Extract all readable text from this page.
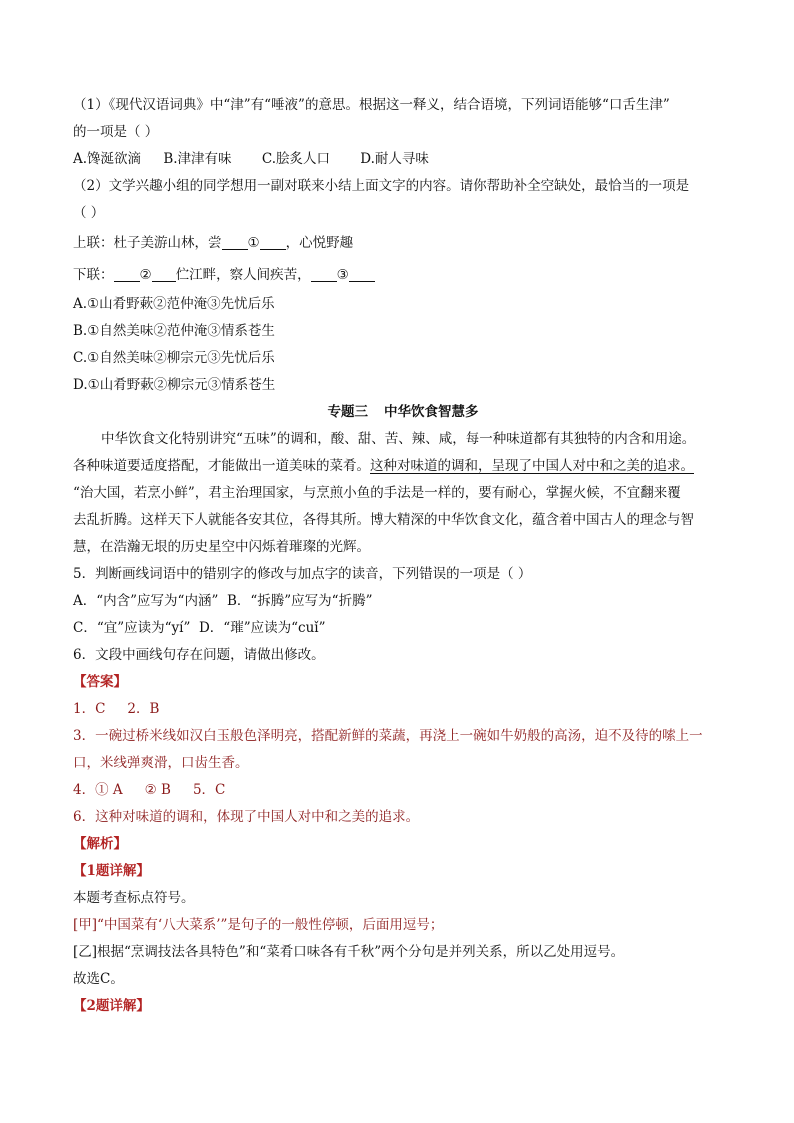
（1）《现代汉语词典》中“津”有“唾液”的意思。根据这一释义，结合语境，下列词语能够“口舌生津”

的一项是（ ）

A.馋涎欲滴 B.津津有味 C.脍炙人口 D.耐人寻味

（2）文学兴趣小组的同学想用一副对联来小结上面文字的内容。请你帮助补全空缺处，最恰当的一项是

（ ）

上联：杜子美游山林，尝 ① ，心悦野趣

下联： ② 伫江畔，察人间疾苦， ③

A.①山肴野蔌②范仲淹③先忧后乐

B.①自然美味②范仲淹③情系苍生

C.①自然美味②柳宗元③先忧后乐

D.①山肴野蔌②柳宗元③情系苍生

专题三 中华饮食智慧多

中华饮食文化特别讲究“五味”的调和，酸、甜、苦、辣、咸，每一种味道都有其独特的内含和用途。

各种味道要适度搭配，才能做出一道美味的菜肴。这种对味道的调和，呈现了中国人对中和之美的追求。

“治大国，若烹小鲜”，君主治理国家，与烹煎小鱼的手法是一样的，要有耐心，掌握火候，不宜翻来覆

去乱折腾。这样天下人就能各安其位，各得其所。博大精深的中华饮食文化，蕴含着中国古人的理念与智

慧，在浩瀚无垠的历史星空中闪烁着璀璨的光辉。

5．判断画线词语中的错别字的修改与加点字的读音，下列错误的一项是（ ）

A．“内含”应写为“内涵” B．“拆腾”应写为“折腾”

C．“宜”应读为“yí” D．“璀”应读为“cuǐ”

6．文段中画线句存在问题，请做出修改。

【答案】

1．C 2．B

3．一碗过桥米线如汉白玉般色泽明亮，搭配新鲜的菜蔬，再浇上一碗如牛奶般的高汤，迫不及待的嗦上一

口，米线弹爽滑，口齿生香。

4．① A ② B 5．C

6．这种对味道的调和，体现了中国人对中和之美的追求。

【解析】

【1题详解】

本题考查标点符号。

[甲]“中国菜有‘八大菜系’”是句子的一般性停顿，后面用逗号；

[乙]根据“烹调技法各具特色”和“菜肴口味各有千秋”两个分句是并列关系，所以乙处用逗号。

故选C。

【2题详解】
